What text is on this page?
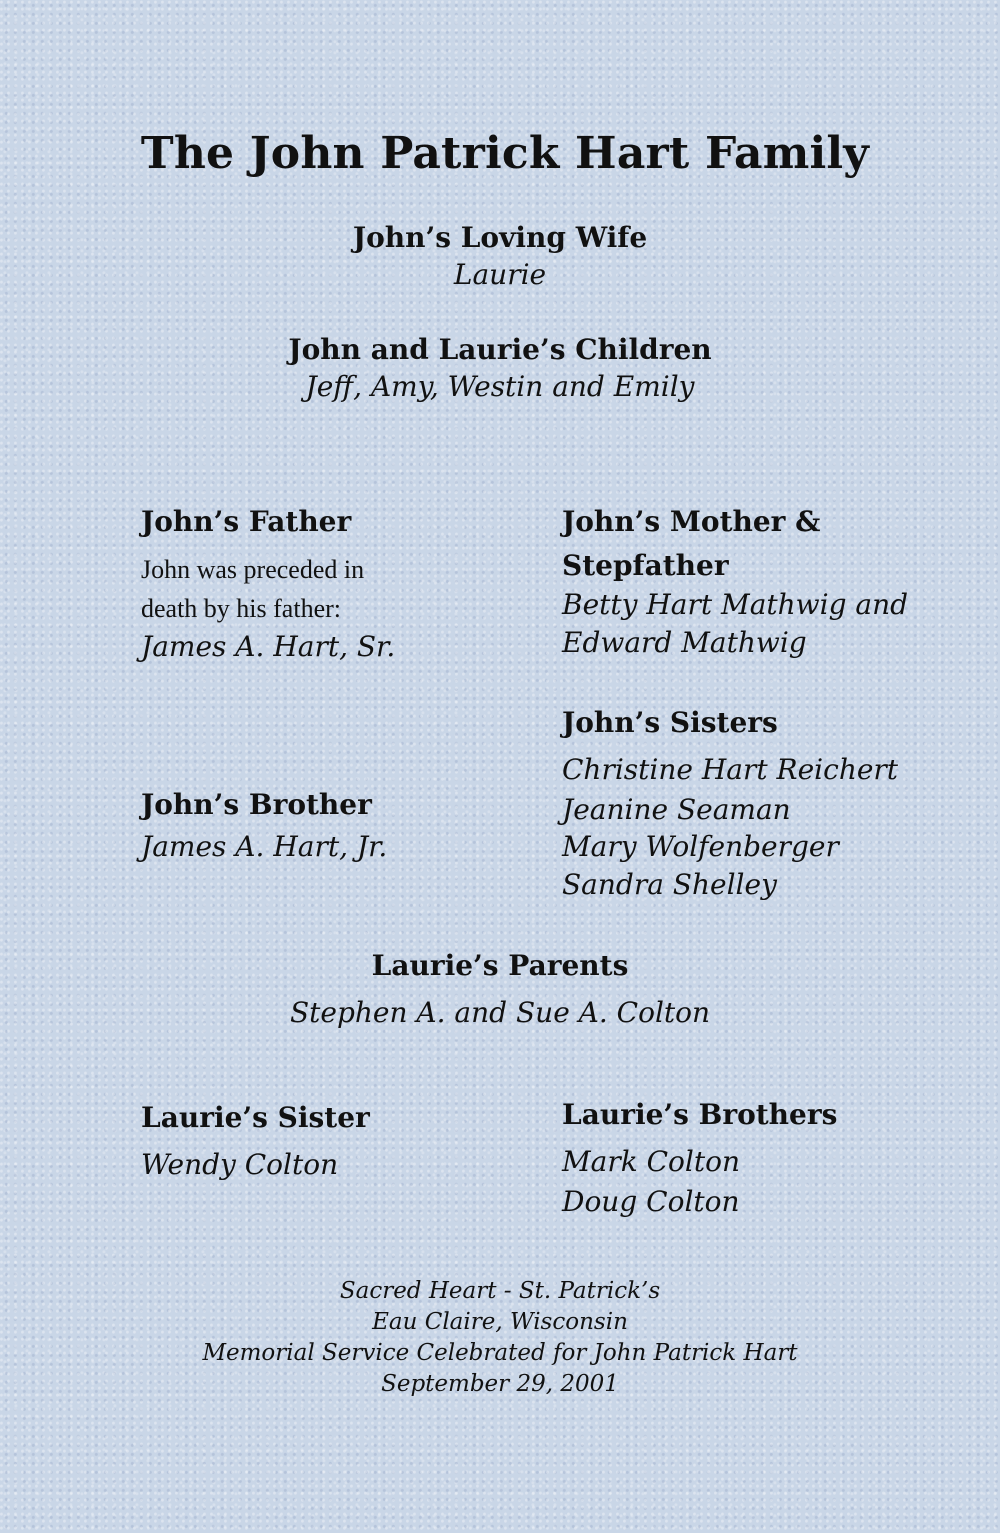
The John Patrick Hart Family
John’s Loving Wife
Laurie
John and Laurie’s Children
Jeff, Amy, Westin and Emily
John’s Father
John was preceded in
death by his father:
James A. Hart, Sr.
John’s Mother &
Stepfather
Betty Hart Mathwig and
Edward Mathwig
John’s Sisters
Christine Hart Reichert
Jeanine Seaman
Mary Wolfenberger
Sandra Shelley
John’s Brother
James A. Hart, Jr.
Laurie’s Parents
Stephen A. and Sue A. Colton
Laurie’s Sister
Wendy Colton
Laurie’s Brothers
Mark Colton
Doug Colton
Sacred Heart - St. Patrick’s
Eau Claire, Wisconsin
Memorial Service Celebrated for John Patrick Hart
September 29, 2001
